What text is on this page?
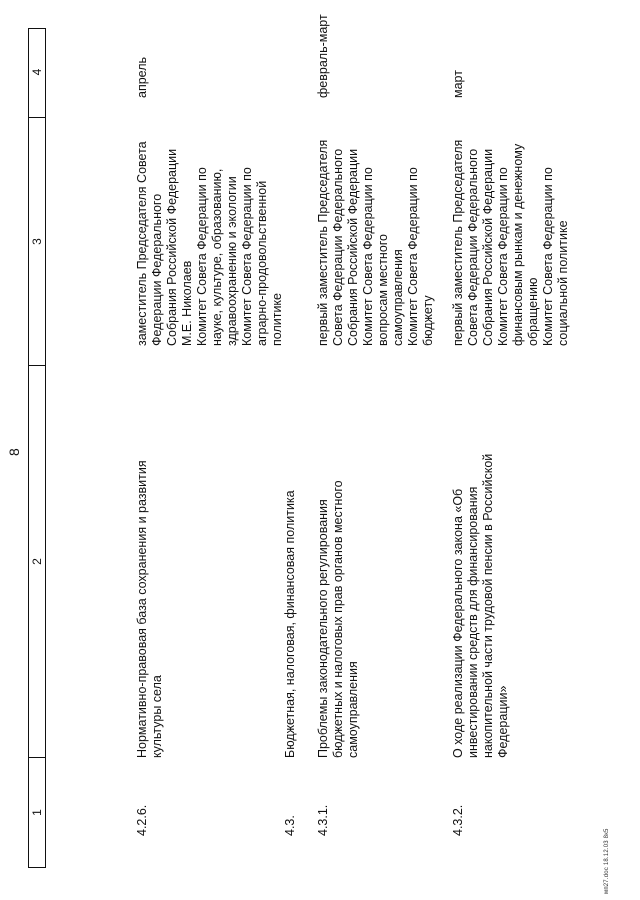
8
1
2
3
4
4.2.6.
Нормативно-правовая база сохранения и развития
культуры села
заместитель Председателя Совета
Федерации Федерального
Собрания Российской Федерации
М.Е. Николаев
Комитет Совета Федерации по
науке, культуре, образованию,
здравоохранению и экологии
Комитет Совета Федерации по
аграрно-продовольственной
политике
апрель
4.3.
Бюджетная, налоговая, финансовая политика
4.3.1.
Проблемы законодательного регулирования
бюджетных и налоговых прав органов местного
самоуправления
первый заместитель Председателя
Совета Федерации Федерального
Собрания Российской Федерации
Комитет Совета Федерации по
вопросам местного
самоуправления
Комитет Совета Федерации по
бюджету
февраль-март
4.3.2.
О ходе реализации Федерального закона «Об
инвестировании средств для финансирования
накопительной части трудовой пенсии в Российской
Федерации»
первый заместитель Председателя
Совета Федерации Федерального
Собрания Российской Федерации
Комитет Совета Федерации по
финансовым рынкам и денежному
обращению
Комитет Совета Федерации по
социальной политике
март
мп27.doc 18.12.03 8к5
